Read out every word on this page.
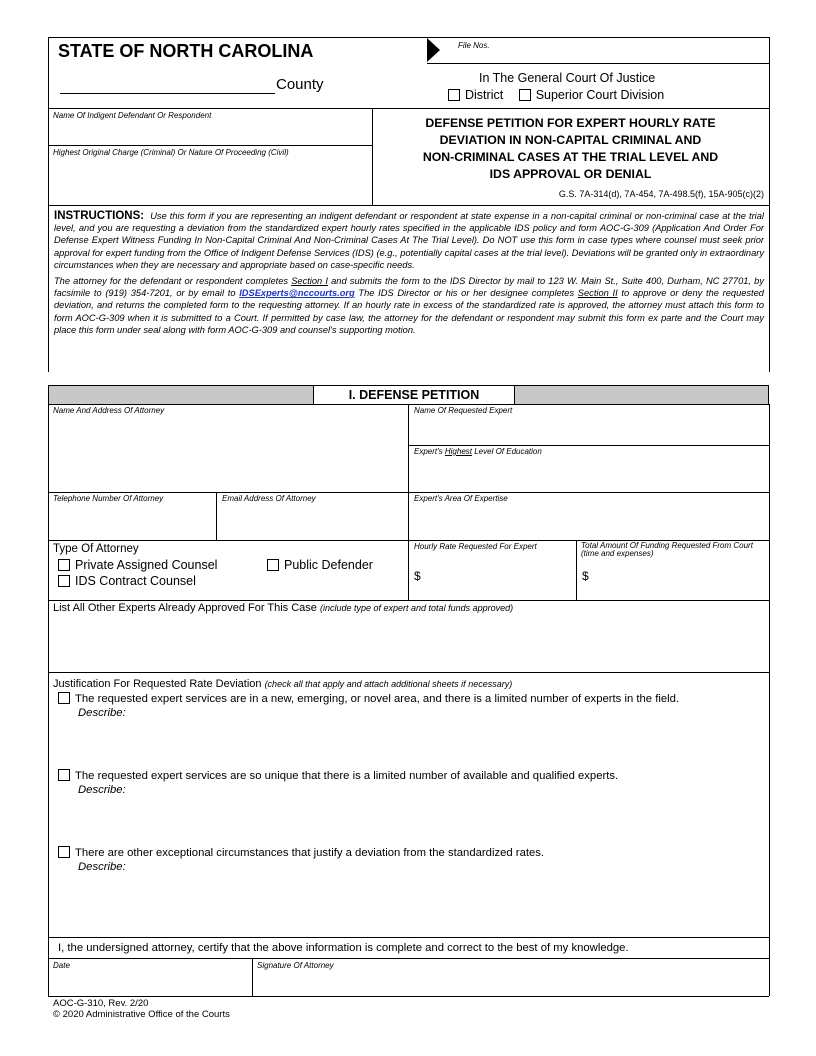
STATE OF NORTH CAROLINA
County
File Nos.
In The General Court Of Justice
District	Superior Court Division
Name Of Indigent Defendant Or Respondent
Highest Original Charge (Criminal) Or Nature Of Proceeding (Civil)
DEFENSE PETITION FOR EXPERT HOURLY RATE
DEVIATION IN NON-CAPITAL CRIMINAL AND
NON-CRIMINAL CASES AT THE TRIAL LEVEL AND
IDS APPROVAL OR DENIAL
G.S. 7A-314(d), 7A-454, 7A-498.5(f), 15A-905(c)(2)
INSTRUCTIONS: Use this form if you are representing an indigent defendant or respondent at state expense in a non-capital criminal or non-criminal case at the trial level, and you are requesting a deviation from the standardized expert hourly rates specified in the applicable IDS policy and form AOC-G-309 (Application And Order For Defense Expert Witness Funding In Non-Capital Criminal And Non-Criminal Cases At The Trial Level). Do NOT use this form in case types where counsel must seek prior approval for expert funding from the Office of Indigent Defense Services (IDS) (e.g., potentially capital cases at the trial level). Deviations will be granted only in extraordinary circumstances when they are necessary and appropriate based on case-specific needs.
The attorney for the defendant or respondent completes Section I and submits the form to the IDS Director by mail to 123 W. Main St., Suite 400, Durham, NC 27701, by facsimile to (919) 354-7201, or by email to IDSExperts@nccourts.org The IDS Director or his or her designee completes Section II to approve or deny the requested deviation, and returns the completed form to the requesting attorney. If an hourly rate in excess of the standardized rate is approved, the attorney must attach this form to form AOC-G-309 when it is submitted to a Court. If permitted by case law, the attorney for the defendant or respondent may submit this form ex parte and the Court may place this form under seal along with form AOC-G-309 and counsel's supporting motion.
I. DEFENSE PETITION
Name And Address Of Attorney	Name Of Requested Expert
Expert's Highest Level Of Education
Telephone Number Of Attorney	Email Address Of Attorney	Expert's Area Of Expertise
Type Of Attorney
Private Assigned Counsel	Public Defender
IDS Contract Counsel
Hourly Rate Requested For Expert
$
Total Amount Of Funding Requested From Court (time and expenses)
$
List All Other Experts Already Approved For This Case (include type of expert and total funds approved)
Justification For Requested Rate Deviation (check all that apply and attach additional sheets if necessary)
The requested expert services are in a new, emerging, or novel area, and there is a limited number of experts in the field.
Describe:
The requested expert services are so unique that there is a limited number of available and qualified experts.
Describe:
There are other exceptional circumstances that justify a deviation from the standardized rates.
Describe:
I, the undersigned attorney, certify that the above information is complete and correct to the best of my knowledge.
Date	Signature Of Attorney
AOC-G-310, Rev. 2/20
© 2020 Administrative Office of the Courts
